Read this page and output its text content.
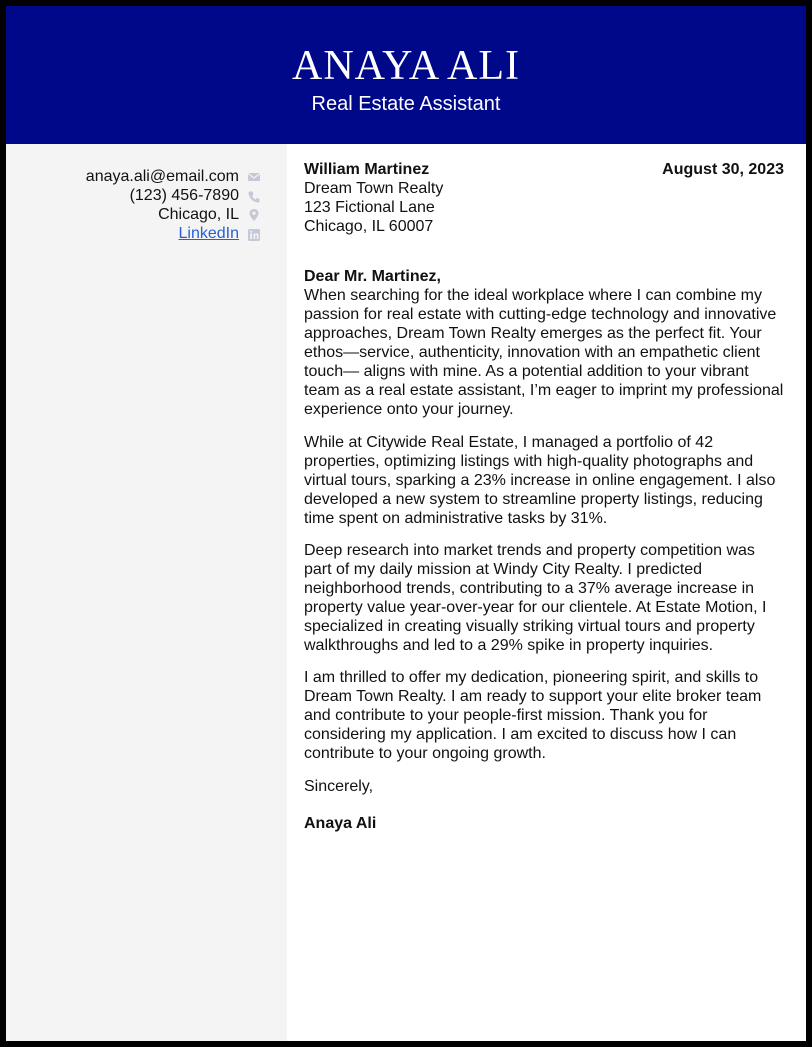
ANAYA ALI
Real Estate Assistant
anaya.ali@email.com
(123) 456-7890
Chicago, IL
LinkedIn
William Martinez
Dream Town Realty
123 Fictional Lane
Chicago, IL 60007
August 30, 2023
Dear Mr. Martinez,
When searching for the ideal workplace where I can combine my passion for real estate with cutting-edge technology and innovative approaches, Dream Town Realty emerges as the perfect fit. Your ethos—service, authenticity, innovation with an empathetic client touch— aligns with mine. As a potential addition to your vibrant team as a real estate assistant, I’m eager to imprint my professional experience onto your journey.
While at Citywide Real Estate, I managed a portfolio of 42 properties, optimizing listings with high-quality photographs and virtual tours, sparking a 23% increase in online engagement. I also developed a new system to streamline property listings, reducing time spent on administrative tasks by 31%.
Deep research into market trends and property competition was part of my daily mission at Windy City Realty. I predicted neighborhood trends, contributing to a 37% average increase in property value year-over-year for our clientele. At Estate Motion, I specialized in creating visually striking virtual tours and property walkthroughs and led to a 29% spike in property inquiries.
I am thrilled to offer my dedication, pioneering spirit, and skills to Dream Town Realty. I am ready to support your elite broker team and contribute to your people-first mission. Thank you for considering my application. I am excited to discuss how I can contribute to your ongoing growth.
Sincerely,
Anaya Ali
